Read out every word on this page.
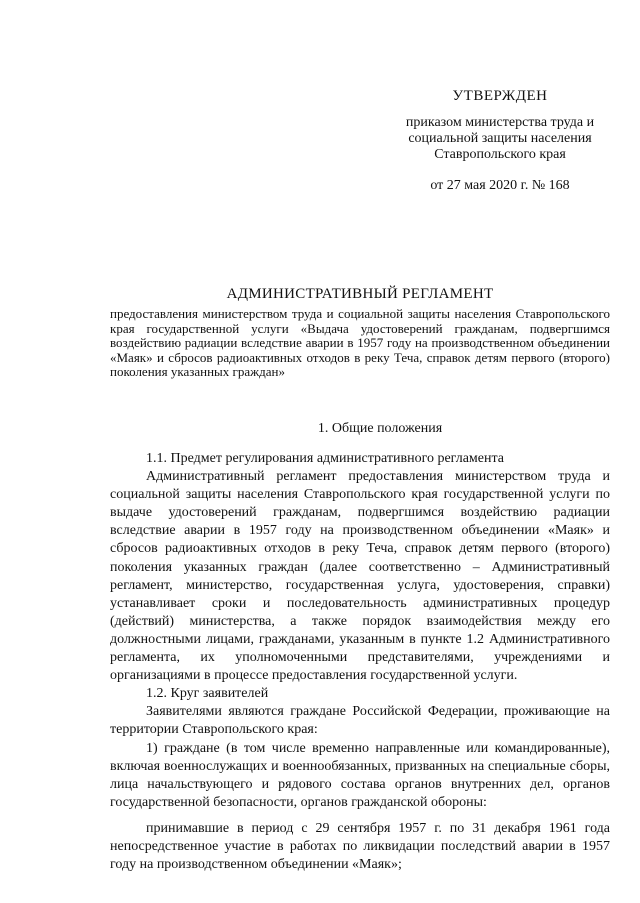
УТВЕРЖДЕН
приказом министерства труда и
социальной защиты населения
Ставропольского края
от 27 мая 2020 г. № 168
АДМИНИСТРАТИВНЫЙ РЕГЛАМЕНТ
предоставления министерством труда и социальной защиты населения Ставропольского края государственной услуги «Выдача удостоверений гражданам, подвергшимся воздействию радиации вследствие аварии в 1957 году на производственном объединении «Маяк» и сбросов радиоактивных отходов в реку Теча, справок детям первого (второго) поколения указанных граждан»
1. Общие положения

1.1. Предмет регулирования административного регламента

Административный регламент предоставления министерством труда и социальной защиты населения Ставропольского края государственной услуги по выдаче удостоверений гражданам, подвергшимся воздействию радиации вследствие аварии в 1957 году на производственном объединении «Маяк» и сбросов радиоактивных отходов в реку Теча, справок детям первого (второго) поколения указанных граждан (далее соответственно – Административный регламент, министерство, государственная услуга, удостоверения, справки) устанавливает сроки и последовательность административных процедур (действий) министерства, а также порядок взаимодействия между его должностными лицами, гражданами, указанным в пункте 1.2 Административного регламента, их уполномоченными представителями, учреждениями и организациями в процессе предоставления государственной услуги.

1.2. Круг заявителей

Заявителями являются граждане Российской Федерации, проживающие на территории Ставропольского края:

1) граждане (в том числе временно направленные или командированные), включая военнослужащих и военнообязанных, призванных на специальные сборы, лица начальствующего и рядового состава органов внутренних дел, органов государственной безопасности, органов гражданской обороны:

принимавшие в период с 29 сентября 1957 г. по 31 декабря 1961 года непосредственное участие в работах по ликвидации последствий аварии в 1957 году на производственном объединении «Маяк»;
